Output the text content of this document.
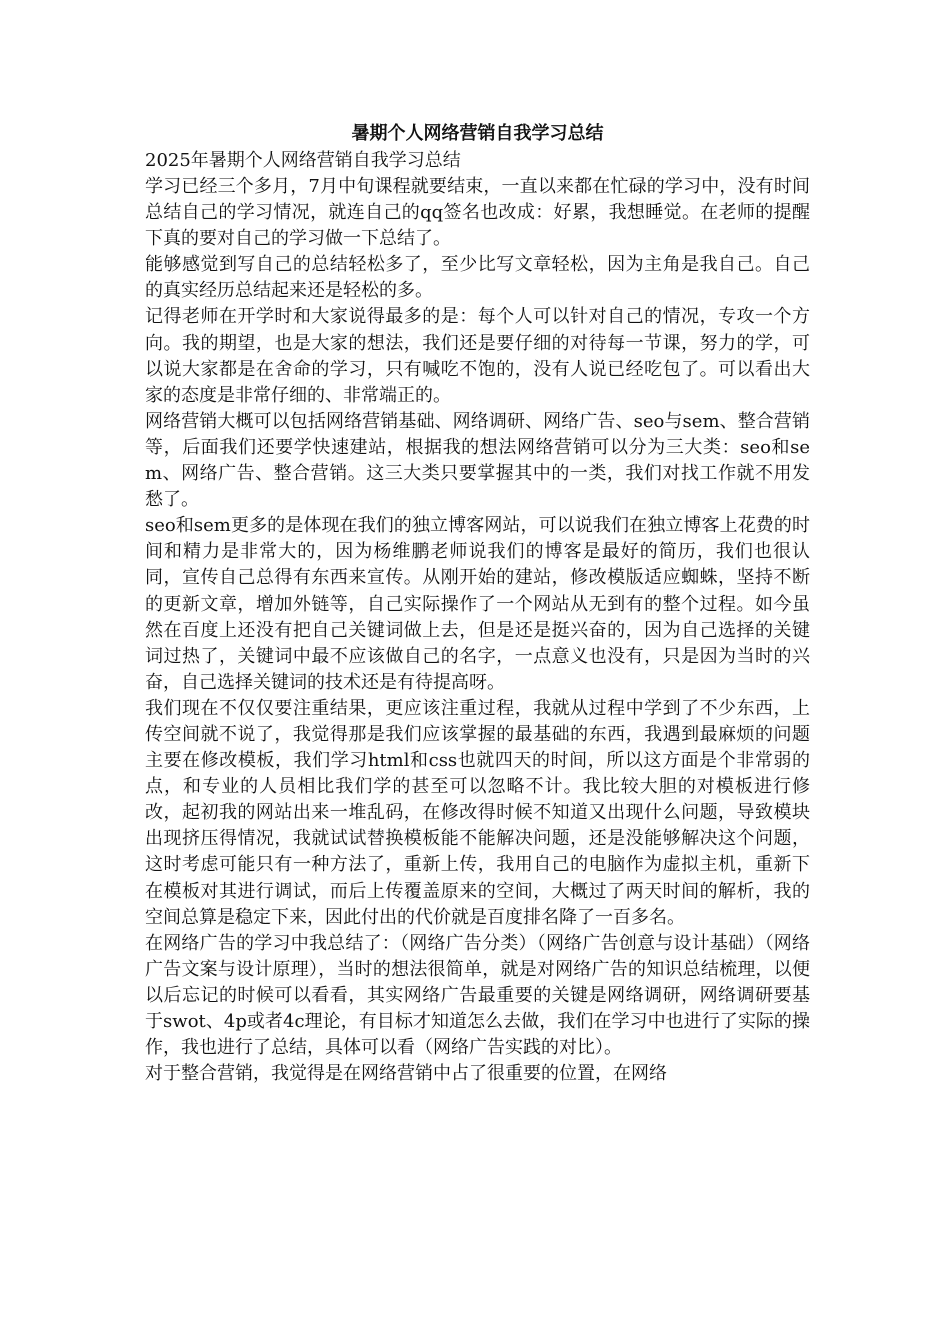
暑期个人网络营销自我学习总结
2025年暑期个人网络营销自我学习总结

学习已经三个多月，7月中旬课程就要结束，一直以来都在忙碌的学习中，没有时间总结自己的学习情况，就连自己的qq签名也改成：好累，我想睡觉。在老师的提醒下真的要对自己的学习做一下总结了。

能够感觉到写自己的总结轻松多了，至少比写文章轻松，因为主角是我自己。自己的真实经历总结起来还是轻松的多。

记得老师在开学时和大家说得最多的是：每个人可以针对自己的情况，专攻一个方向。我的期望，也是大家的想法，我们还是要仔细的对待每一节课，努力的学，可以说大家都是在舍命的学习，只有喊吃不饱的，没有人说已经吃包了。可以看出大家的态度是非常仔细的、非常端正的。

网络营销大概可以包括网络营销基础、网络调研、网络广告、seo与sem、整合营销等，后面我们还要学快速建站，根据我的想法网络营销可以分为三大类：seo和sem、网络广告、整合营销。这三大类只要掌握其中的一类，我们对找工作就不用发愁了。

seo和sem更多的是体现在我们的独立博客网站，可以说我们在独立博客上花费的时间和精力是非常大的，因为杨维鹏老师说我们的博客是最好的简历，我们也很认同，宣传自己总得有东西来宣传。从刚开始的建站，修改模版适应蜘蛛，坚持不断的更新文章，增加外链等，自己实际操作了一个网站从无到有的整个过程。如今虽然在百度上还没有把自己关键词做上去，但是还是挺兴奋的，因为自己选择的关键词过热了，关键词中最不应该做自己的名字，一点意义也没有，只是因为当时的兴奋，自己选择关键词的技术还是有待提高呀。

我们现在不仅仅要注重结果，更应该注重过程，我就从过程中学到了不少东西，上传空间就不说了，我觉得那是我们应该掌握的最基础的东西，我遇到最麻烦的问题主要在修改模板，我们学习html和css也就四天的时间，所以这方面是个非常弱的点，和专业的人员相比我们学的甚至可以忽略不计。我比较大胆的对模板进行修改，起初我的网站出来一堆乱码，在修改得时候不知道又出现什么问题，导致模块出现挤压得情况，我就试试替换模板能不能解决问题，还是没能够解决这个问题，这时考虑可能只有一种方法了，重新上传，我用自己的电脑作为虚拟主机，重新下在模板对其进行调试，而后上传覆盖原来的空间，大概过了两天时间的解析，我的空间总算是稳定下来，因此付出的代价就是百度排名降了一百多名。

在网络广告的学习中我总结了：（网络广告分类）（网络广告创意与设计基础）（网络广告文案与设计原理），当时的想法很简单，就是对网络广告的知识总结梳理，以便以后忘记的时候可以看看，其实网络广告最重要的关键是网络调研，网络调研要基于swot、4p或者4c理论，有目标才知道怎么去做，我们在学习中也进行了实际的操作，我也进行了总结，具体可以看（网络广告实践的对比）。

对于整合营销，我觉得是在网络营销中占了很重要的位置，在网络
